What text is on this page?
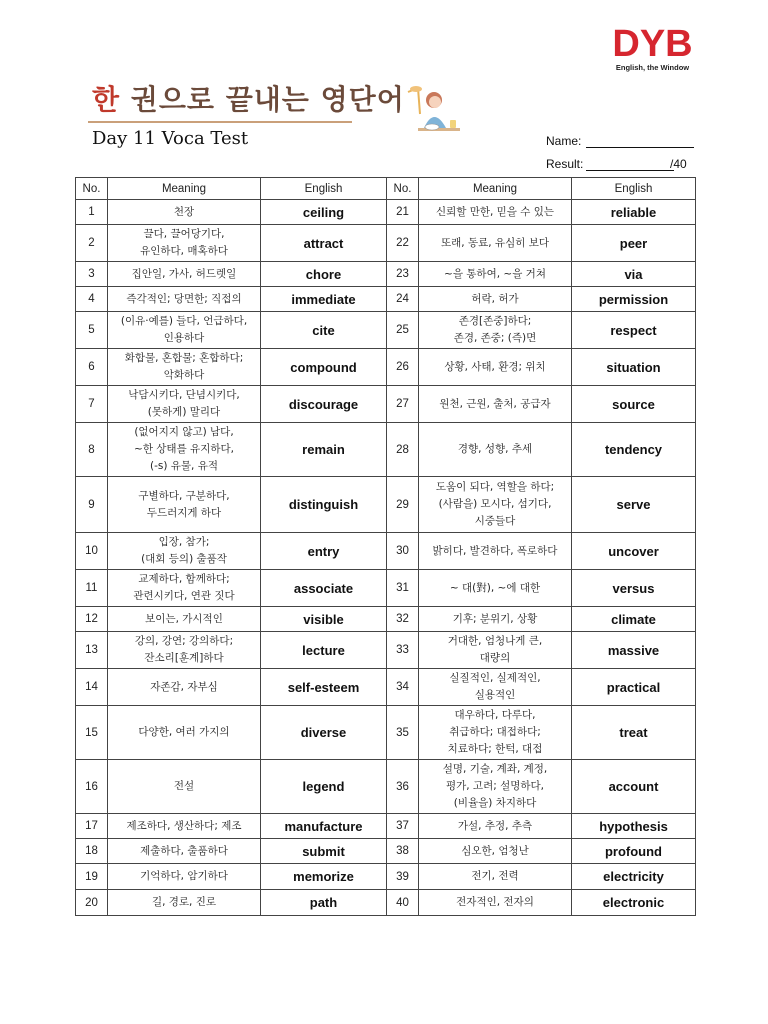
DYB
English, the Window
한 권으로 끝내는 영단어
Day 11 Voca Test	Name:
Result:	/40
No.	Meaning	English	No.	Meaning	English
1	천장	ceiling	21	신뢰할 만한, 믿을 수 있는	reliable
2	끌다, 끌어당기다,
유인하다, 매혹하다	attract	22	또래, 동료, 유심히 보다	peer
3	집안일, 가사, 허드렛일	chore	23	~을 통하여, ~을 거쳐	via
4	즉각적인; 당면한; 직접의	immediate	24	허락, 허가	permission
5	(이유·예를) 들다, 언급하다,
인용하다	cite	25	존경[존중]하다;
존경, 존중; (즉)면	respect
6	화합물, 혼합물; 혼합하다;
악화하다	compound	26	상황, 사태, 환경; 위치	situation
7	낙담시키다, 단념시키다,
(못하게) 말리다	discourage	27	원천, 근원, 출처, 공급자	source
8	(없어지지 않고) 남다,
~한 상태를 유지하다,
(-s) 유물, 유적	remain	28	경향, 성향, 추세	tendency
9	구별하다, 구분하다,
두드러지게 하다	distinguish	29	도움이 되다, 역할을 하다;
(사람을) 모시다, 섬기다,
시중들다	serve
10	입장, 참가;
(대회 등의) 출품작	entry	30	밝히다, 발견하다, 폭로하다	uncover
11	교제하다, 함께하다;
관련시키다, 연관 짓다	associate	31	~ 대(對), ~에 대한	versus
12	보이는, 가시적인	visible	32	기후; 분위기, 상황	climate
13	강의, 강연; 강의하다;
잔소리[훈계]하다	lecture	33	거대한, 엄청나게 큰,
대량의	massive
14	자존감, 자부심	self-esteem	34	실질적인, 실제적인,
실용적인	practical
15	다양한, 여러 가지의	diverse	35	대우하다, 다루다,
취급하다; 대접하다;
치료하다; 한턱, 대접	treat
16	전설	legend	36	설명, 기술, 계좌, 계정,
평가, 고려; 설명하다,
(비율을) 차지하다	account
17	제조하다, 생산하다; 제조	manufacture	37	가설, 추정, 추측	hypothesis
18	제출하다, 출품하다	submit	38	심오한, 엄청난	profound
19	기억하다, 암기하다	memorize	39	전기, 전력	electricity
20	길, 경로, 진로	path	40	전자적인, 전자의	electronic
